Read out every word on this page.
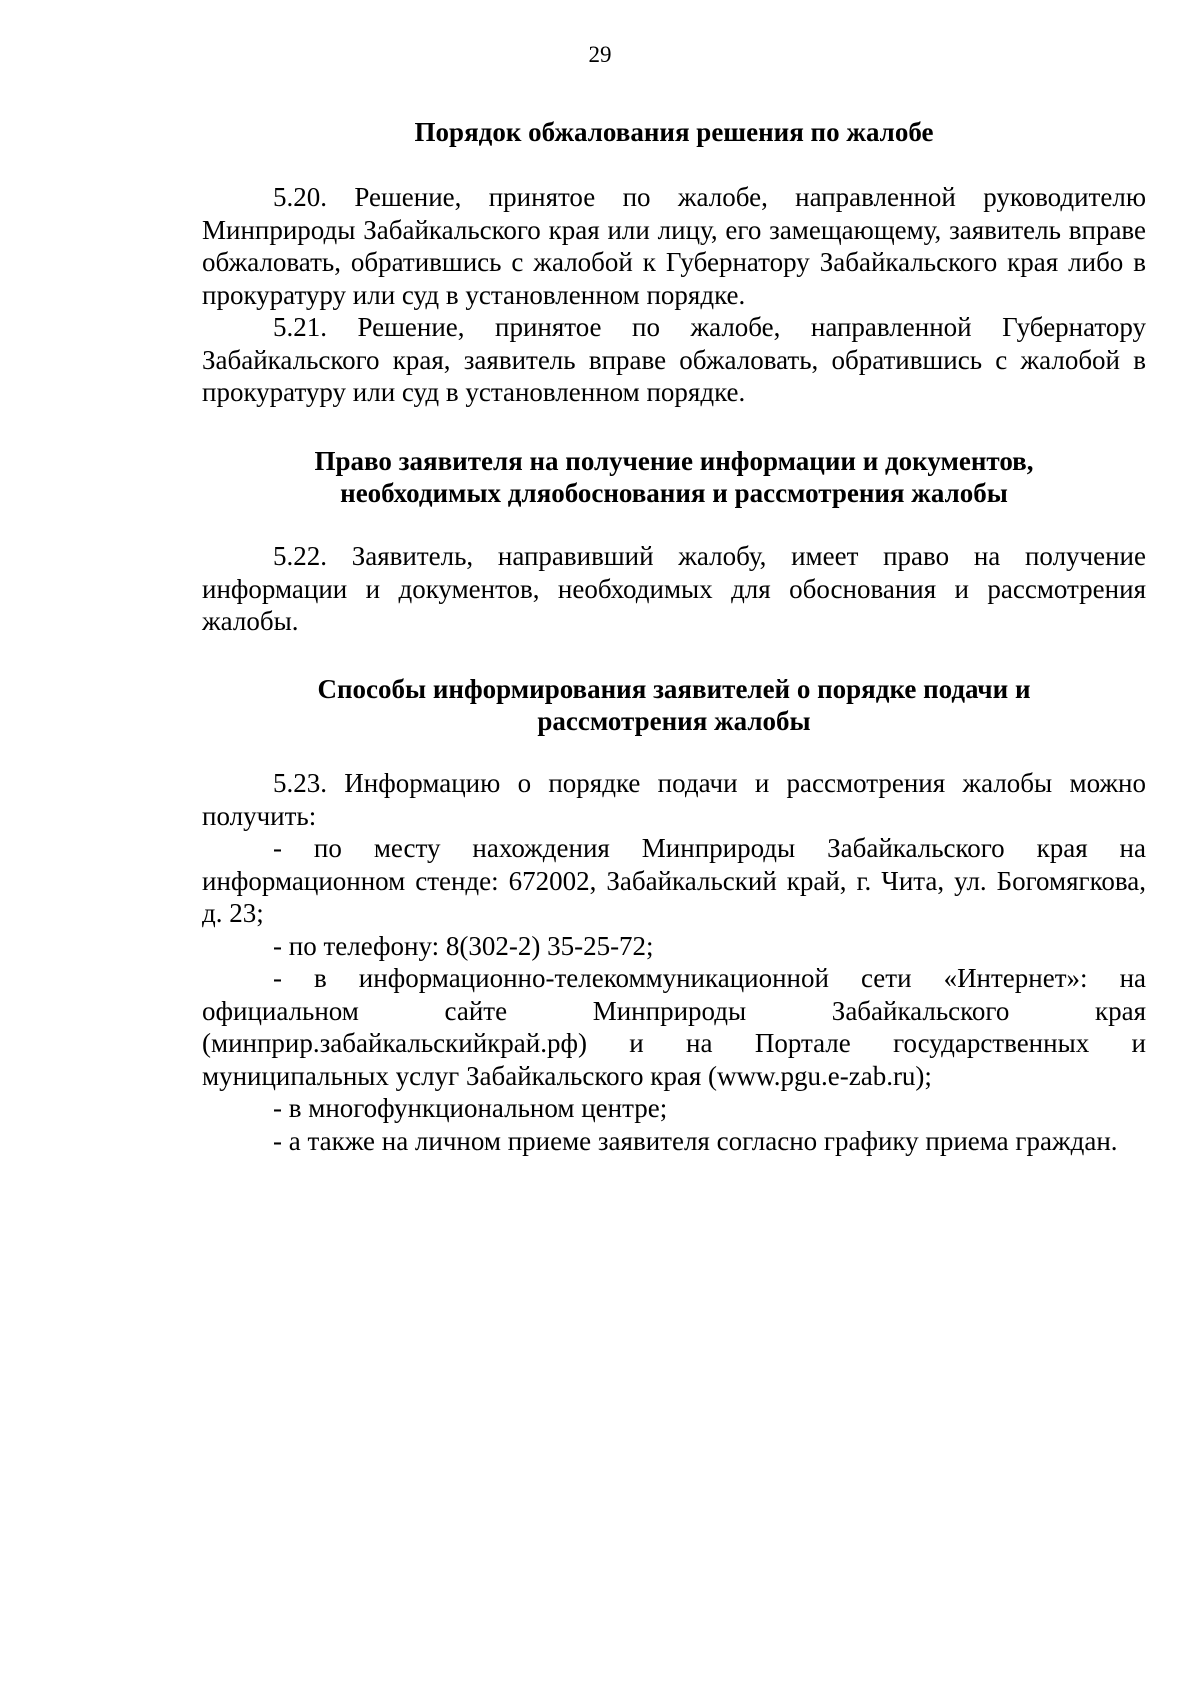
29
Порядок обжалования решения по жалобе

5.20. Решение, принятое по жалобе, направленной руководителю Минприроды Забайкальского края или лицу, его замещающему, заявитель вправе обжаловать, обратившись с жалобой к Губернатору Забайкальского края либо в прокуратуру или суд в установленном порядке.

5.21. Решение, принятое по жалобе, направленной Губернатору Забайкальского края, заявитель вправе обжаловать, обратившись с жалобой в прокуратуру или суд в установленном порядке.

Право заявителя на получение информации и документов,
необходимых дляобоснования и рассмотрения жалобы

5.22. Заявитель, направивший жалобу, имеет право на получение информации и документов, необходимых для обоснования и рассмотрения жалобы.

Способы информирования заявителей о порядке подачи и
рассмотрения жалобы

5.23. Информацию о порядке подачи и рассмотрения жалобы можно получить:

- по месту нахождения Минприроды Забайкальского края на информационном стенде: 672002, Забайкальский край, г. Чита, ул. Богомягкова, д. 23;

- по телефону: 8(302-2) 35-25-72;

- в информационно-телекоммуникационной сети «Интернет»: на официальном сайте Минприроды Забайкальского края (минприр.забайкальскийкрай.рф) и на Портале государственных и муниципальных услуг Забайкальского края (www.pgu.e-zab.ru);

- в многофункциональном центре;

- а также на личном приеме заявителя согласно графику приема граждан.
